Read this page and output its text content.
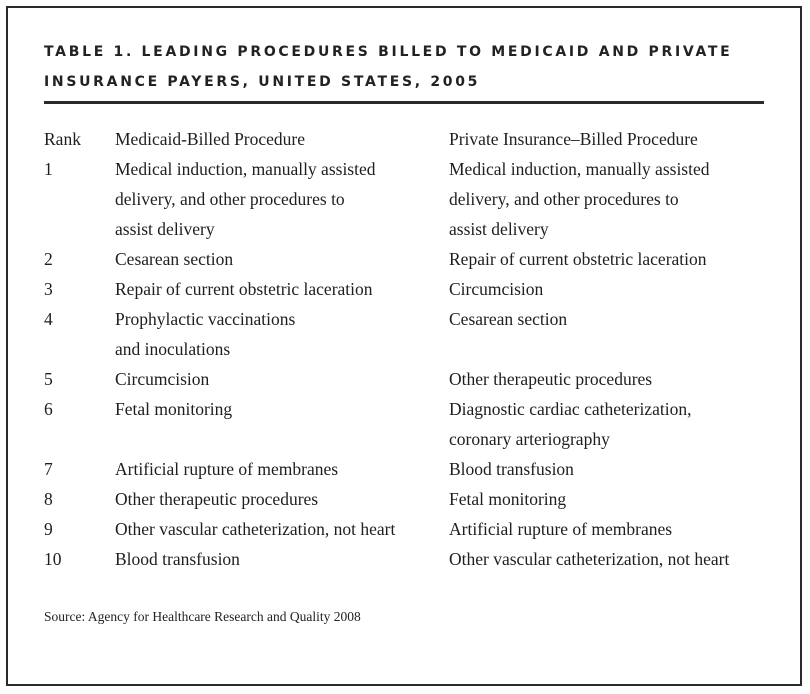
TABLE 1. LEADING PROCEDURES BILLED TO MEDICAID AND PRIVATE INSURANCE PAYERS, UNITED STATES, 2005
Rank	Medicaid-Billed Procedure	Private Insurance–Billed Procedure
1	Medical induction, manually assisted
delivery, and other procedures to
assist delivery	Medical induction, manually assisted
delivery, and other procedures to
assist delivery
2	Cesarean section	Repair of current obstetric laceration
3	Repair of current obstetric laceration	Circumcision
4	Prophylactic vaccinations
and inoculations	Cesarean section
5	Circumcision	Other therapeutic procedures
6	Fetal monitoring	Diagnostic cardiac catheterization,
coronary arteriography
7	Artificial rupture of membranes	Blood transfusion
8	Other therapeutic procedures	Fetal monitoring
9	Other vascular catheterization, not heart	Artificial rupture of membranes
10	Blood transfusion	Other vascular catheterization, not heart
Source: Agency for Healthcare Research and Quality 2008
